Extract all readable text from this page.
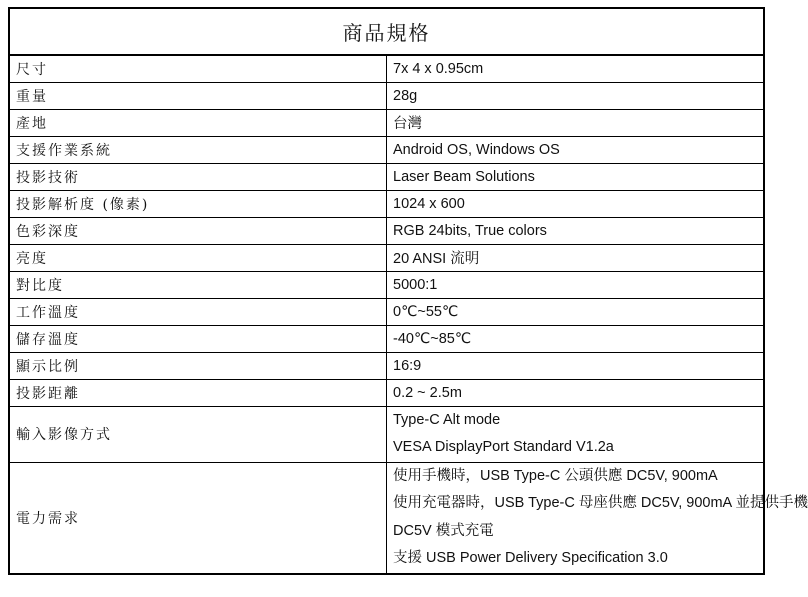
商品規格	
尺寸	7x 4 x 0.95cm
重量	28g
產地	台灣
支援作業系統	Android OS, Windows OS
投影技術	Laser Beam Solutions
投影解析度 (像素)	1024 x 600
色彩深度	RGB 24bits, True colors
亮度	20 ANSI 流明
對比度	5000:1
工作溫度	0℃~55℃
儲存溫度	-40℃~85℃
顯示比例	16:9
投影距離	0.2 ~ 2.5m
輸入影像方式	Type-C Alt mode
VESA DisplayPort Standard V1.2a

電力需求	使用手機時，USB Type-C 公頭供應 DC5V, 900mA
使用充電器時，USB Type-C 母座供應 DC5V, 900mA 並提供手機
DC5V 模式充電
支援 USB Power Delivery Specification 3.0
